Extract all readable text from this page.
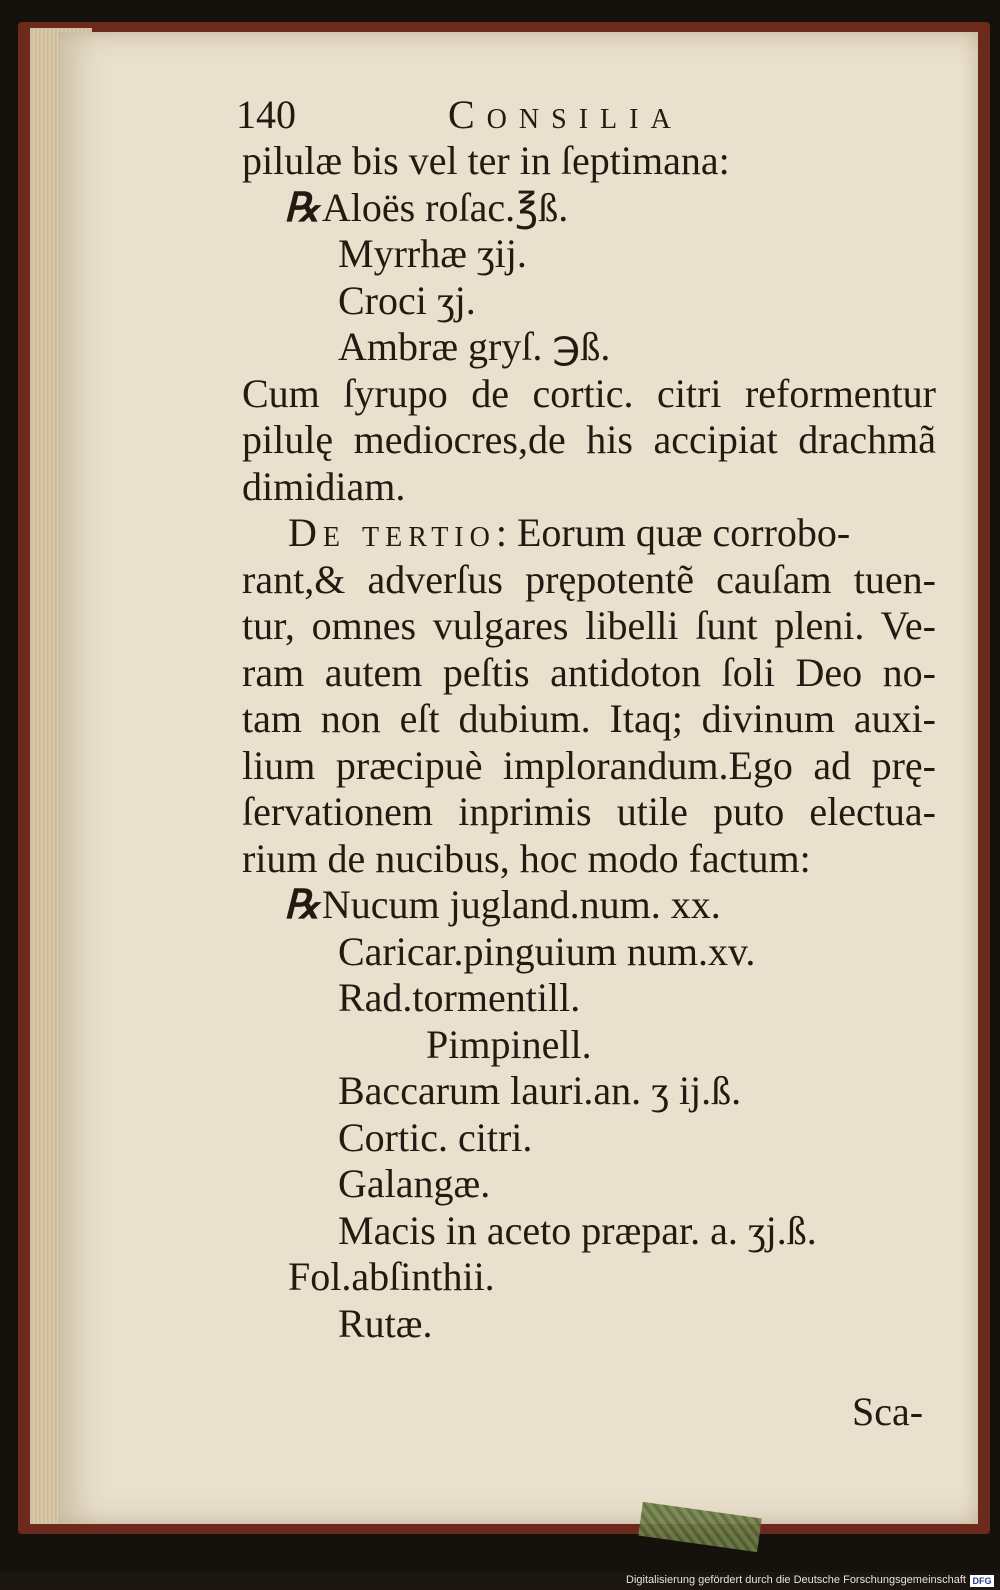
140	Consilia
pilulæ bis vel ter in ſeptimana:
℞Aloës roſac.℥ß.
Myrrhæ ʒij.
Croci ʒj.
Ambræ gryſ. ℈ß.
Cum ſyrupo de cortic. citri reformentur
pilulę mediocres,de his accipiat drachmã
dimidiam.
De tertio: Eorum quæ corrobo-
rant,& adverſus prępotentẽ cauſam tuen-
tur, omnes vulgares libelli ſunt pleni. Ve-
ram autem peſtis antidoton ſoli Deo no-
tam non eſt dubium. Itaq; divinum auxi-
lium præcipuè implorandum.Ego ad prę-
ſervationem inprimis utile puto electua-
rium de nucibus, hoc modo factum:
℞Nucum jugland.num. xx.
Caricar.pinguium num.xv.
Rad.tormentill.
Pimpinell.
Baccarum lauri.an. ʒ ij.ß.
Cortic. citri.
Galangæ.
Macis in aceto præpar. a. ʒj.ß.
Fol.abſinthii.
Rutæ.
Sca-
Digitalisierung gefördert durch die Deutsche Forschungsgemeinschaft DFG
